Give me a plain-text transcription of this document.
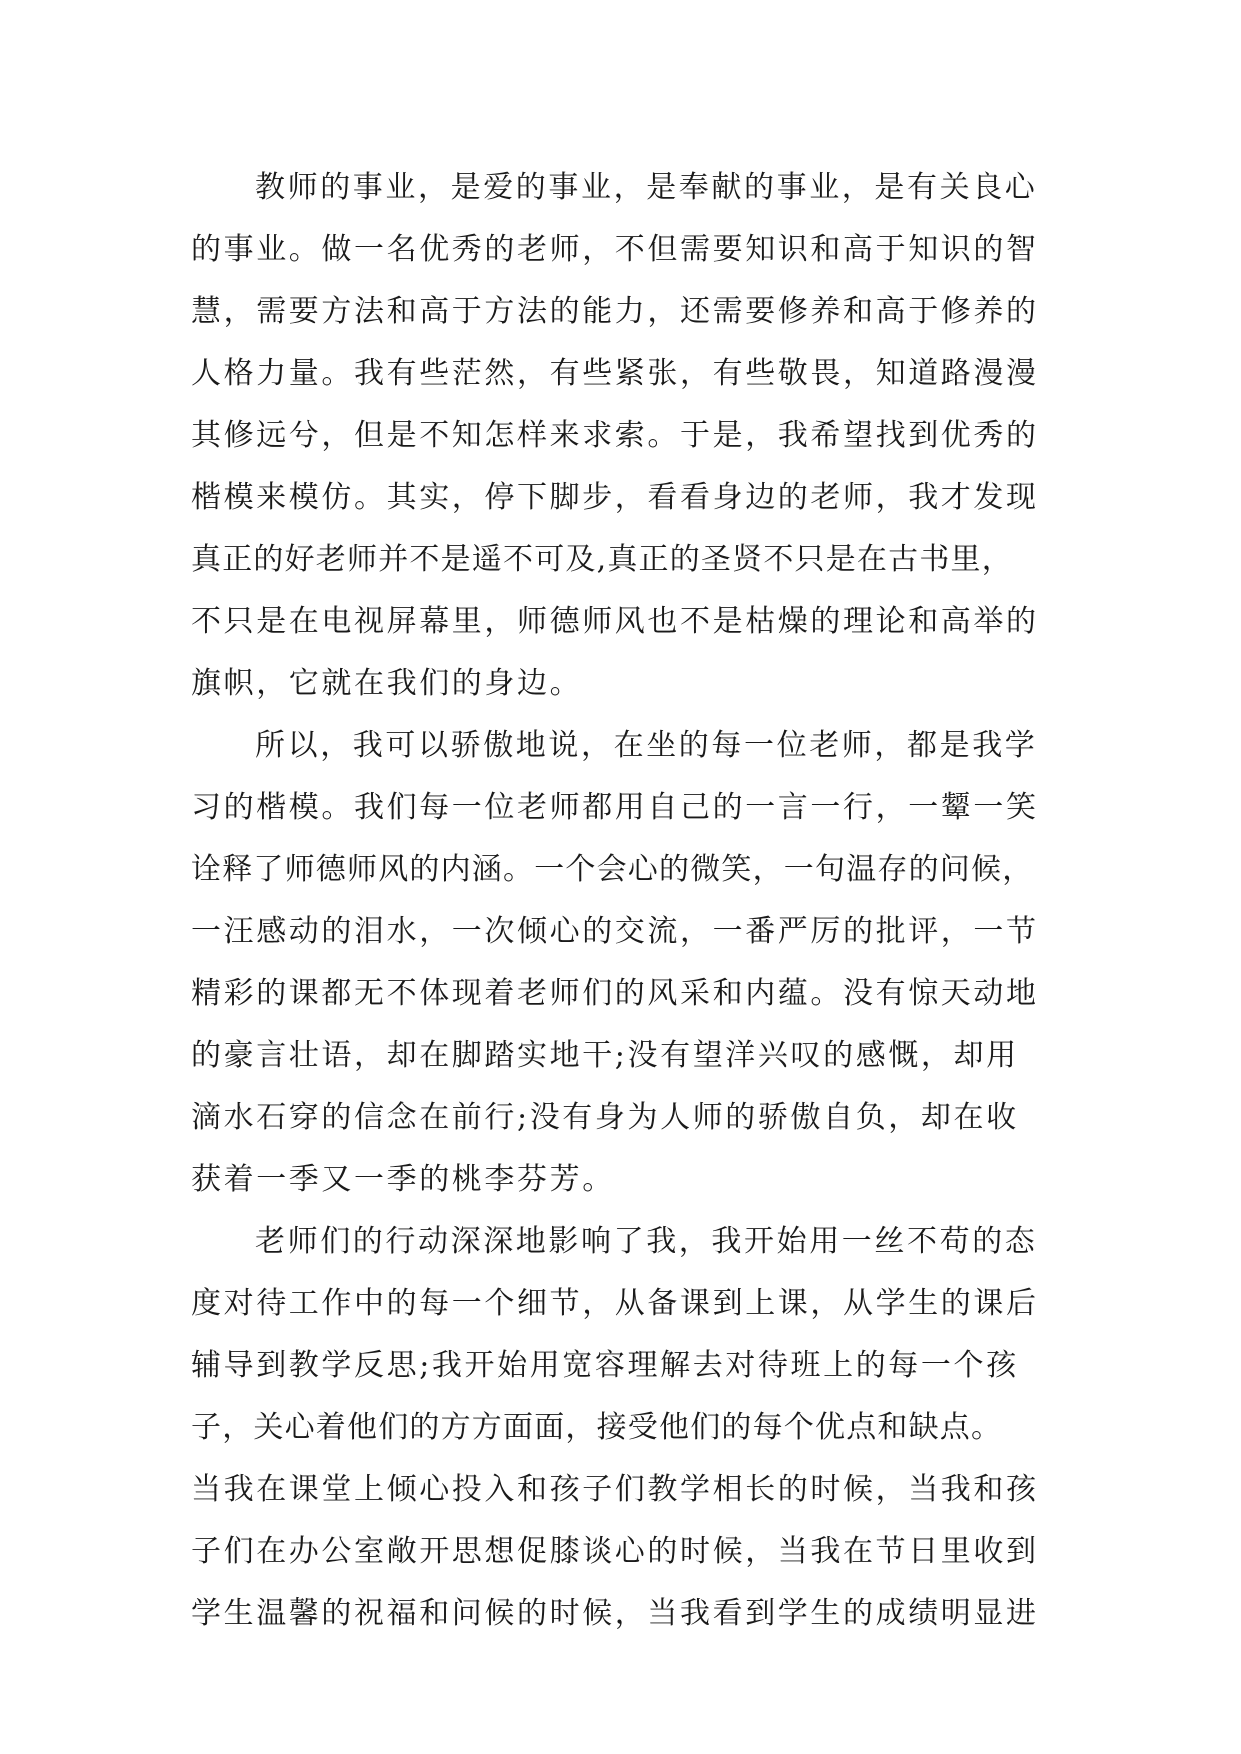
教师的事业，是爱的事业，是奉献的事业，是有关良心
的事业。做一名优秀的老师，不但需要知识和高于知识的智
慧，需要方法和高于方法的能力，还需要修养和高于修养的
人格力量。我有些茫然，有些紧张，有些敬畏，知道路漫漫
其修远兮，但是不知怎样来求索。于是，我希望找到优秀的
楷模来模仿。其实，停下脚步，看看身边的老师，我才发现
真正的好老师并不是遥不可及,真正的圣贤不只是在古书里，
不只是在电视屏幕里，师德师风也不是枯燥的理论和高举的
旗帜，它就在我们的身边。
所以，我可以骄傲地说，在坐的每一位老师，都是我学
习的楷模。我们每一位老师都用自己的一言一行，一颦一笑
诠释了师德师风的内涵。一个会心的微笑，一句温存的问候，
一汪感动的泪水，一次倾心的交流，一番严厉的批评，一节
精彩的课都无不体现着老师们的风采和内蕴。没有惊天动地
的豪言壮语，却在脚踏实地干;没有望洋兴叹的感慨，却用
滴水石穿的信念在前行;没有身为人师的骄傲自负，却在收
获着一季又一季的桃李芬芳。
老师们的行动深深地影响了我，我开始用一丝不苟的态
度对待工作中的每一个细节，从备课到上课，从学生的课后
辅导到教学反思;我开始用宽容理解去对待班上的每一个孩
子，关心着他们的方方面面，接受他们的每个优点和缺点。
当我在课堂上倾心投入和孩子们教学相长的时候，当我和孩
子们在办公室敞开思想促膝谈心的时候，当我在节日里收到
学生温馨的祝福和问候的时候，当我看到学生的成绩明显进
